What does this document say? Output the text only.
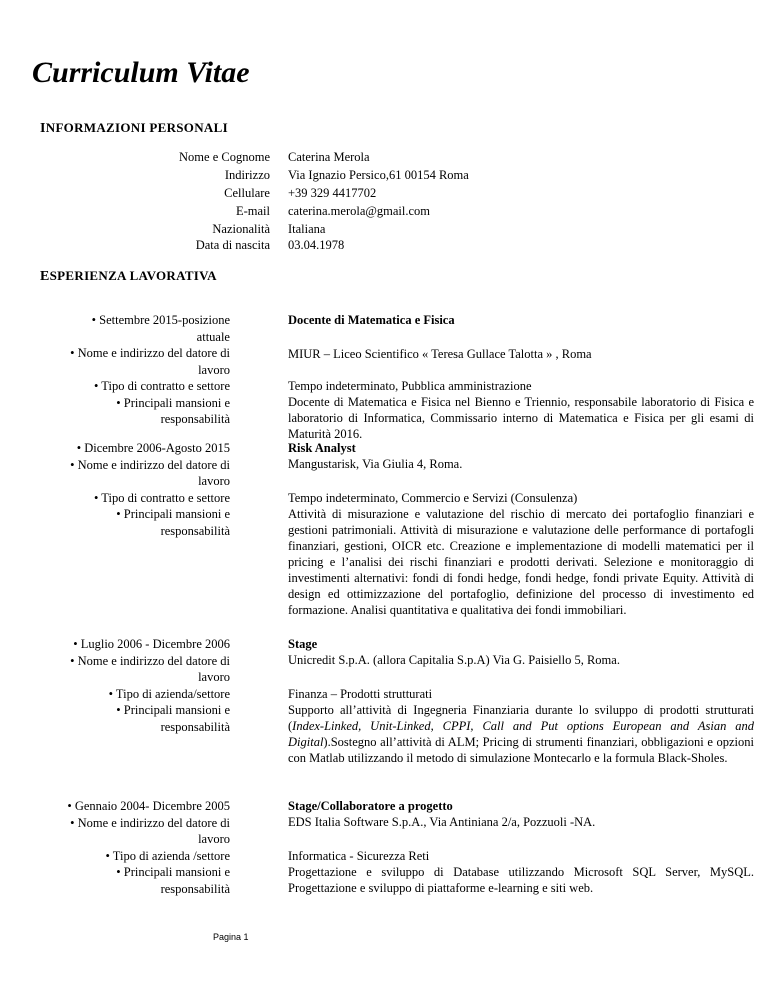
Curriculum Vitae
INFORMAZIONI PERSONALI
Nome e Cognome Caterina Merola
Indirizzo Via Ignazio Persico,61 00154 Roma
Cellulare +39 329 4417702
E-mail caterina.merola@gmail.com
Nazionalità Italiana
Data di nascita 03.04.1978
ESPERIENZA LAVORATIVA
• Settembre 2015-posizione
attuale
• Nome e indirizzo del datore di
lavoro
• Tipo di contratto e settore
• Principali mansioni e
responsabilità
Docente di Matematica e Fisica
MIUR – Liceo Scientifico « Teresa Gullace Talotta » , Roma
Tempo indeterminato, Pubblica amministrazione
Docente di Matematica e Fisica nel Bienno e Triennio, responsabile laboratorio di Fisica e laboratorio di Informatica, Commissario interno di Matematica e Fisica per gli esami di Maturità 2016.
• Dicembre 2006-Agosto 2015
• Nome e indirizzo del datore di
lavoro
• Tipo di contratto e settore
• Principali mansioni e
responsabilità
Risk Analyst
Mangustarisk, Via Giulia 4, Roma.
Tempo indeterminato, Commercio e Servizi (Consulenza)
Attività di misurazione e valutazione del rischio di mercato dei portafoglio finanziari e gestioni patrimoniali. Attività di misurazione e valutazione delle performance di portafogli finanziari, gestioni, OICR etc. Creazione e implementazione di modelli matematici per il pricing e l’analisi dei rischi finanziari e prodotti derivati. Selezione e monitoraggio di investimenti alternativi: fondi di fondi hedge, fondi hedge, fondi private Equity. Attività di design ed ottimizzazione del portafoglio, definizione del processo di investimento ed formazione. Analisi quantitativa e qualitativa dei fondi immobiliari.
• Luglio 2006 - Dicembre 2006
• Nome e indirizzo del datore di
lavoro
• Tipo di azienda/settore
• Principali mansioni e
responsabilità
Stage
Unicredit S.p.A. (allora Capitalia S.p.A) Via G. Paisiello 5, Roma.
Finanza – Prodotti strutturati
Supporto all’attività di Ingegneria Finanziaria durante lo sviluppo di prodotti strutturati (Index-Linked, Unit-Linked, CPPI, Call and Put options European and Asian and Digital).Sostegno all’attività di ALM; Pricing di strumenti finanziari, obbligazioni e opzioni con Matlab utilizzando il metodo di simulazione Montecarlo e la formula Black-Sholes.
• Gennaio 2004- Dicembre 2005
• Nome e indirizzo del datore di
lavoro
• Tipo di azienda /settore
• Principali mansioni e
responsabilità
Stage/Collaboratore a progetto
EDS Italia Software S.p.A., Via Antiniana 2/a, Pozzuoli -NA.
Informatica - Sicurezza Reti
Progettazione e sviluppo di Database utilizzando Microsoft SQL Server, MySQL. Progettazione e sviluppo di piattaforme e-learning e siti web.
Pagina 1
